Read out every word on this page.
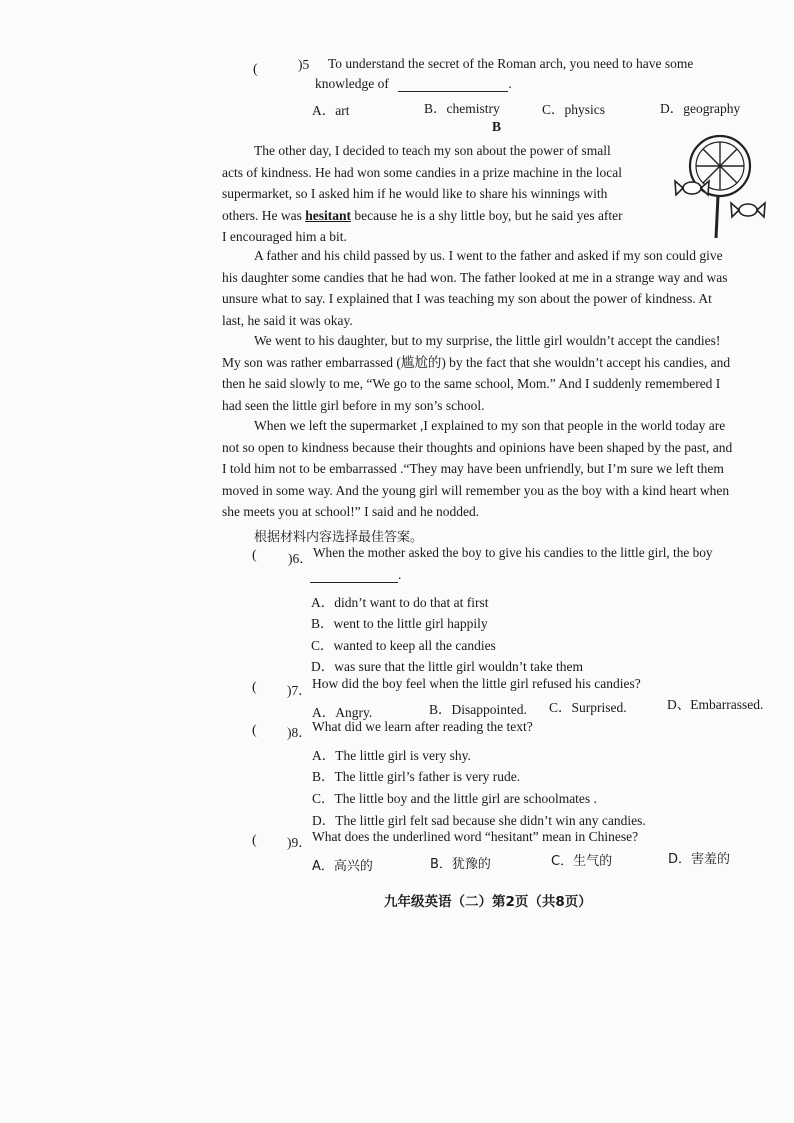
(	)5 To understand the secret of the Roman arch, you need to have some
knowledge of	.
A．art	B．chemistry	C．physics	D．geography
B
The other day, I decided to teach my son about the power of small
acts of kindness. He had won some candies in a prize machine in the local
supermarket, so I asked him if he would like to share his winnings with
others. He was hesitant because he is a shy little boy, but he said yes after
I encouraged him a bit.
A father and his child passed by us. I went to the father and asked if my son could give
his daughter some candies that he had won. The father looked at me in a strange way and was
unsure what to say. I explained that I was teaching my son about the power of kindness. At
last, he said it was okay.
We went to his daughter, but to my surprise, the little girl wouldn’t accept the candies!
My son was rather embarrassed (尴尬的) by the fact that she wouldn’t accept his candies, and
then he said slowly to me, “We go to the same school, Mom.” And I suddenly remembered I
had seen the little girl before in my son’s school.
When we left the supermarket ,I explained to my son that people in the world today are
not so open to kindness because their thoughts and opinions have been shaped by the past, and
I told him not to be embarrassed .“They may have been unfriendly, but I’m sure we left them
moved in some way. And the young girl will remember you as the boy with a kind heart when
she meets you at school!” I said and he nodded.
根据材料内容选择最佳答案。
( )6． When the mother asked the boy to give his candies to the little girl, the boy
.
A．didn’t want to do that at first
B．went to the little girl happily
C．wanted to keep all the candies
D．was sure that the little girl wouldn’t take them
( )7． How did the boy feel when the little girl refused his candies?
A．Angry.	B．Disappointed. C．Surprised.	D、Embarrassed.
( )8． What did we learn after reading the text?
A．The little girl is very shy.
B．The little girl’s father is very rude.
C．The little boy and the little girl are schoolmates .
D．The little girl felt sad because she didn’t win any candies.
( )9． What does the underlined word “hesitant” mean in Chinese?
A．高兴的	B．犹豫的	C．生气的	D．害羞的
九年级英语（二）第2页（共8页）
